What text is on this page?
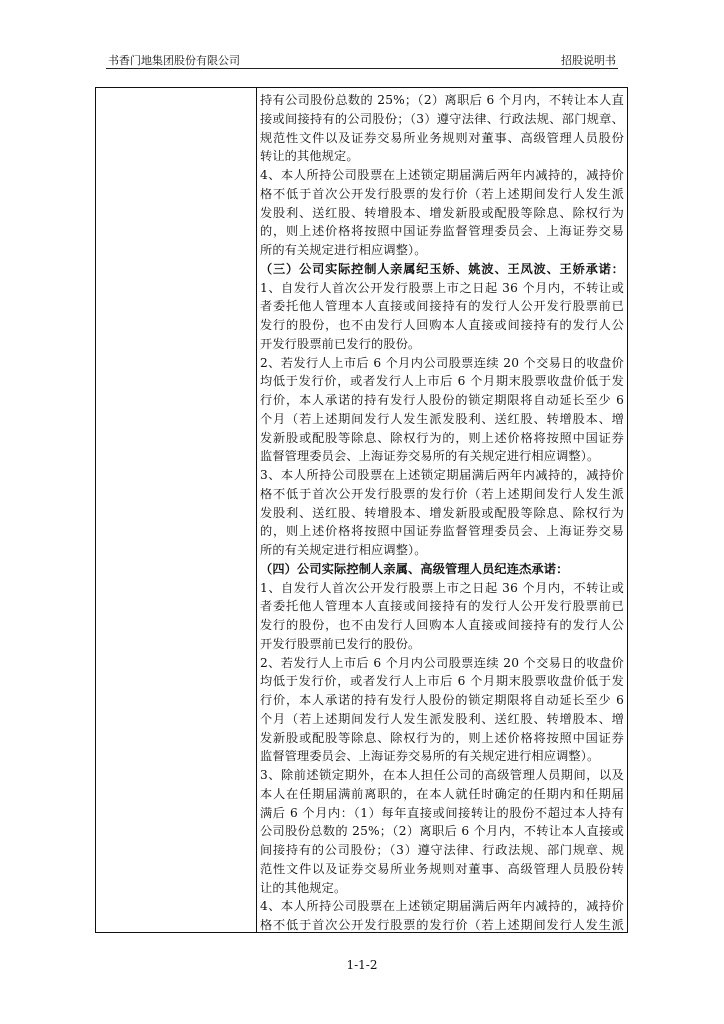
书香门地集团股份有限公司	招股说明书
持有公司股份总数的 25%；（2）离职后 6 个月内，不转让本人直
接或间接持有的公司股份；（3）遵守法律、行政法规、部门规章、
规范性文件以及证券交易所业务规则对董事、高级管理人员股份
转让的其他规定。
4、本人所持公司股票在上述锁定期届满后两年内减持的，减持价
格不低于首次公开发行股票的发行价（若上述期间发行人发生派
发股利、送红股、转增股本、增发新股或配股等除息、除权行为
的，则上述价格将按照中国证券监督管理委员会、上海证券交易
所的有关规定进行相应调整）。
（三）公司实际控制人亲属纪玉娇、姚波、王凤波、王娇承诺：
1、自发行人首次公开发行股票上市之日起 36 个月内，不转让或
者委托他人管理本人直接或间接持有的发行人公开发行股票前已
发行的股份，也不由发行人回购本人直接或间接持有的发行人公
开发行股票前已发行的股份。
2、若发行人上市后 6 个月内公司股票连续 20 个交易日的收盘价
均低于发行价，或者发行人上市后 6 个月期末股票收盘价低于发
行价，本人承诺的持有发行人股份的锁定期限将自动延长至少 6
个月（若上述期间发行人发生派发股利、送红股、转增股本、增
发新股或配股等除息、除权行为的，则上述价格将按照中国证券
监督管理委员会、上海证券交易所的有关规定进行相应调整）。
3、本人所持公司股票在上述锁定期届满后两年内减持的，减持价
格不低于首次公开发行股票的发行价（若上述期间发行人发生派
发股利、送红股、转增股本、增发新股或配股等除息、除权行为
的，则上述价格将按照中国证券监督管理委员会、上海证券交易
所的有关规定进行相应调整）。
（四）公司实际控制人亲属、高级管理人员纪连杰承诺：
1、自发行人首次公开发行股票上市之日起 36 个月内，不转让或
者委托他人管理本人直接或间接持有的发行人公开发行股票前已
发行的股份，也不由发行人回购本人直接或间接持有的发行人公
开发行股票前已发行的股份。
2、若发行人上市后 6 个月内公司股票连续 20 个交易日的收盘价
均低于发行价，或者发行人上市后 6 个月期末股票收盘价低于发
行价，本人承诺的持有发行人股份的锁定期限将自动延长至少 6
个月（若上述期间发行人发生派发股利、送红股、转增股本、增
发新股或配股等除息、除权行为的，则上述价格将按照中国证券
监督管理委员会、上海证券交易所的有关规定进行相应调整）。
3、除前述锁定期外，在本人担任公司的高级管理人员期间，以及
本人在任期届满前离职的，在本人就任时确定的任期内和任期届
满后 6 个月内：（1）每年直接或间接转让的股份不超过本人持有
公司股份总数的 25%；（2）离职后 6 个月内，不转让本人直接或
间接持有的公司股份；（3）遵守法律、行政法规、部门规章、规
范性文件以及证券交易所业务规则对董事、高级管理人员股份转
让的其他规定。
4、本人所持公司股票在上述锁定期届满后两年内减持的，减持价
格不低于首次公开发行股票的发行价（若上述期间发行人发生派
1-1-2
